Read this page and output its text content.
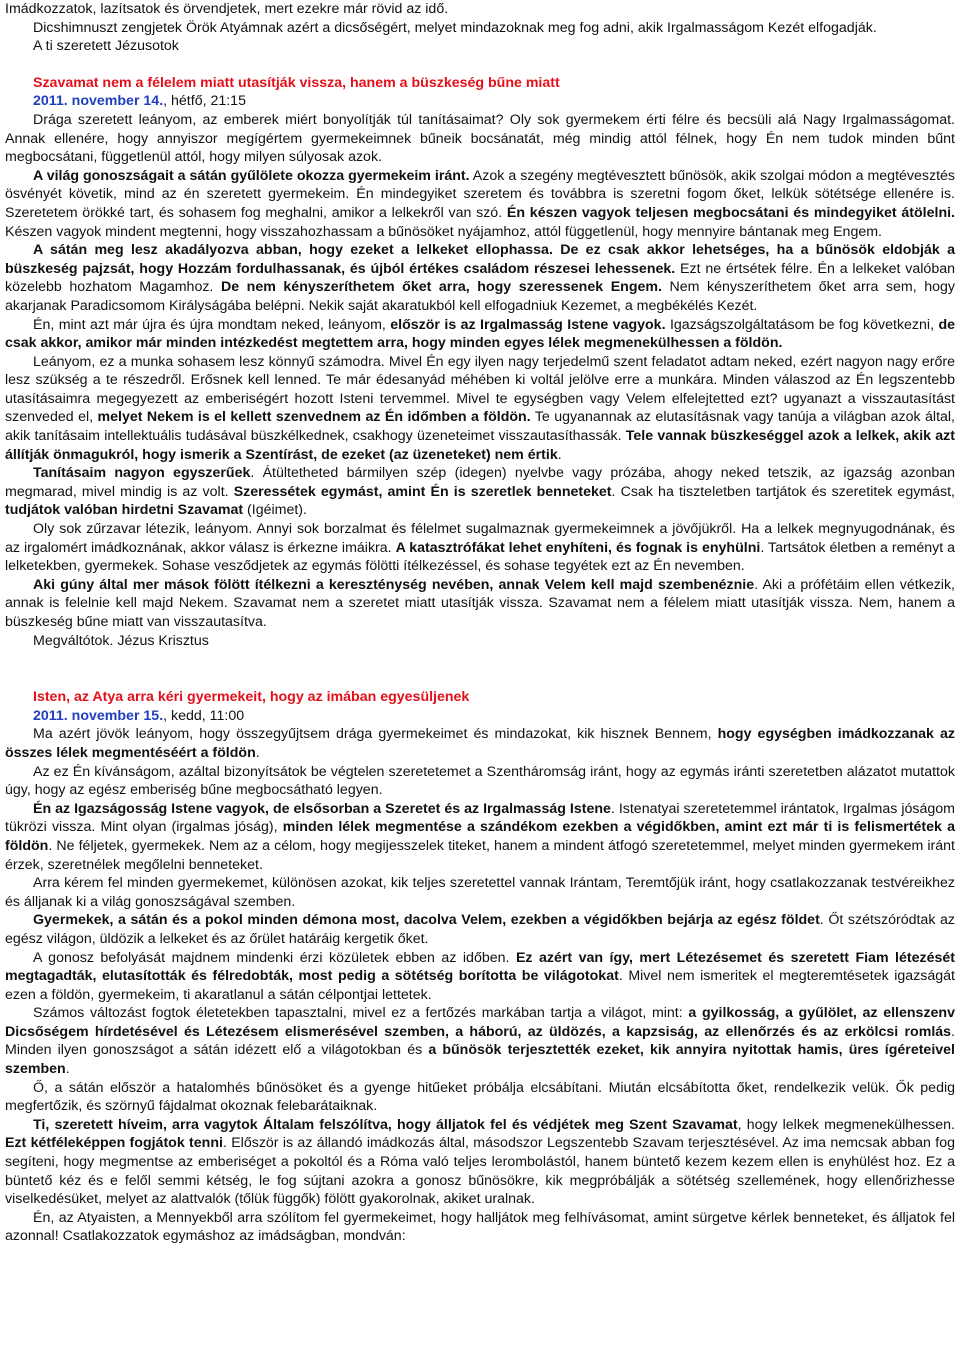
Imádkozzatok, lazítsatok és örvendjetek, mert ezekre már rövid az idő.

Dicshimnuszt zengjetek Örök Atyámnak azért a dicsőségért, melyet mindazoknak meg fog adni, akik Irgalmasságom Kezét elfogadják.

A ti szeretett Jézusotok

Szavamat nem a félelem miatt utasítják vissza, hanem a büszkeség bűne miatt

2011. november 14., hétfő, 21:15

Drága szeretett leányom, az emberek miért bonyolítják túl tanításaimat? Oly sok gyermekem érti félre és becsüli alá Nagy Irgalmasságomat. Annak ellenére, hogy annyiszor megígértem gyermekeimnek bűneik bocsánatát, még mindig attól félnek, hogy Én nem tudok minden bűnt megbocsátani, függetlenül attól, hogy milyen súlyosak azok.

A világ gonoszságait a sátán gyűlölete okozza gyermekeim iránt. Azok a szegény megtévesztett bűnösök, akik szolgai módon a megtévesztés ösvényét követik, mind az én szeretett gyermekeim. Én mindegyiket szeretem és továbbra is szeretni fogom őket, lelkük sötétsége ellenére is. Szeretetem örökké tart, és sohasem fog meghalni, amikor a lelkekről van szó. Én készen vagyok teljesen megbocsátani és mindegyiket átölelni. Készen vagyok mindent megtenni, hogy visszahozhassam a bűnösöket nyájamhoz, attól függetlenül, hogy mennyire bántanak meg Engem.

A sátán meg lesz akadályozva abban, hogy ezeket a lelkeket ellophassa. De ez csak akkor lehetséges, ha a bűnösök eldobják a büszkeség pajzsát, hogy Hozzám fordulhassanak, és újból értékes családom részesei lehessenek. Ezt ne értsétek félre. Én a lelkeket valóban közelebb hozhatom Magamhoz. De nem kényszeríthetem őket arra, hogy szeressenek Engem. Nem kényszeríthetem őket arra sem, hogy akarjanak Paradicsomom Királyságába belépni. Nekik saját akaratukból kell elfogadniuk Kezemet, a megbékélés Kezét.

Én, mint azt már újra és újra mondtam neked, leányom, először is az Irgalmasság Istene vagyok. Igazságszolgáltatásom be fog következni, de csak akkor, amikor már minden intézkedést megtettem arra, hogy minden egyes lélek megmenekülhessen a földön.

Leányom, ez a munka sohasem lesz könnyű számodra. Mivel Én egy ilyen nagy terjedelmű szent feladatot adtam neked, ezért nagyon nagy erőre lesz szükség a te részedről. Erősnek kell lenned. Te már édesanyád méhében ki voltál jelölve erre a munkára. Minden válaszod az Én legszentebb utasításaimra megegyezett az emberiségért hozott Isteni tervemmel. Mivel te egységben vagy Velem elfelejtetted ezt? ugyanazt a visszautasítást szenveded el, melyet Nekem is el kellett szenvednem az Én időmben a földön. Te ugyanannak az elutasításnak vagy tanúja a világban azok által, akik tanításaim intellektuális tudásával büszkélkednek, csakhogy üzeneteimet visszautasíthassák. Tele vannak büszkeséggel azok a lelkek, akik azt állítják önmagukról, hogy ismerik a Szentírást, de ezeket (az üzeneteket) nem értik.

Tanításaim nagyon egyszerűek. Átültetheted bármilyen szép (idegen) nyelvbe vagy prózába, ahogy neked tetszik, az igazság azonban megmarad, mivel mindig is az volt. Szeressétek egymást, amint Én is szeretlek benneteket. Csak ha tiszteletben tartjátok és szeretitek egymást, tudjátok valóban hirdetni Szavamat (Igéimet).

Oly sok zűrzavar létezik, leányom. Annyi sok borzalmat és félelmet sugalmaznak gyermekeimnek a jövőjükről. Ha a lelkek megnyugodnának, és az irgalomért imádkoznának, akkor válasz is érkezne imáikra. A katasztrófákat lehet enyhíteni, és fognak is enyhülni. Tartsátok életben a reményt a lelketekben, gyermekek. Sohase vesződjetek az egymás fölötti ítélkezéssel, és sohase tegyétek ezt az Én nevemben.

Aki gúny által mer mások fölött ítélkezni a kereszténység nevében, annak Velem kell majd szembenéznie. Aki a prófétáim ellen vétkezik, annak is felelnie kell majd Nekem. Szavamat nem a szeretet miatt utasítják vissza. Szavamat nem a félelem miatt utasítják vissza. Nem, hanem a büszkeség bűne miatt van visszautasítva.

Megváltótok. Jézus Krisztus

Isten, az Atya arra kéri gyermekeit, hogy az imában egyesüljenek

2011. november 15., kedd, 11:00

Ma azért jövök leányom, hogy összegyűjtsem drága gyermekeimet és mindazokat, kik hisznek Bennem, hogy egységben imádkozzanak az összes lélek megmentéséért a földön.

Az ez Én kívánságom, azáltal bizonyítsátok be végtelen szeretetemet a Szentháromság iránt, hogy az egymás iránti szeretetben alázatot mutattok úgy, hogy az egész emberiség bűne megbocsátható legyen.

Én az Igazságosság Istene vagyok, de elsősorban a Szeretet és az Irgalmasság Istene. Istenatyai szeretetemmel irántatok, Irgalmas jóságom tükrözi vissza. Mint olyan (irgalmas jóság), minden lélek megmentése a szándékom ezekben a végidőkben, amint ezt már ti is felismertétek a földön. Ne féljetek, gyermekek. Nem az a célom, hogy megijesszelek titeket, hanem a mindent átfogó szeretetemmel, melyet minden gyermekem iránt érzek, szeretnélek megőlelni benneteket.

Arra kérem fel minden gyermekemet, különösen azokat, kik teljes szeretettel vannak Irántam, Teremtőjük iránt, hogy csatlakozzanak testvéreikhez és álljanak ki a világ gonoszságával szemben.

Gyermekek, a sátán és a pokol minden démona most, dacolva Velem, ezekben a végidőkben bejárja az egész földet. Őt szétszóródtak az egész világon, üldözik a lelkeket és az őrület határáig kergetik őket.

A gonosz befolyását majdnem mindenki érzi közületek ebben az időben. Ez azért van így, mert Létezésemet és szeretett Fiam létezését megtagadták, elutasították és félredobták, most pedig a sötétség borította be világotokat. Mivel nem ismeritek el megteremtésetek igazságát ezen a földön, gyermekeim, ti akaratlanul a sátán célpontjai lettetek.

Számos változást fogtok életetekben tapasztalni, mivel ez a fertőzés markában tartja a világot, mint: a gyilkosság, a gyűlölet, az ellenszenv Dicsőségem hírdetésével és Létezésem elismerésével szemben, a háború, az üldözés, a kapzsiság, az ellenőrzés és az erkölcsi romlás. Minden ilyen gonoszságot a sátán idézett elő a világotokban és a bűnösök terjesztették ezeket, kik annyira nyitottak hamis, üres ígéreteivel szemben.

Ő, a sátán először a hatalomhés bűnösöket és a gyenge hitűeket próbálja elcsábítani. Miután elcsábította őket, rendelkezik velük. Ők pedig megfertőzik, és szörnyű fájdalmat okoznak felebarátaiknak.

Ti, szeretett híveim, arra vagytok Általam felszólítva, hogy álljatok fel és védjétek meg Szent Szavamat, hogy lelkek megmenekülhessen. Ezt kétféleképpen fogjátok tenni. Először is az állandó imádkozás által, másodszor Legszentebb Szavam terjesztésével. Az ima nemcsak abban fog segíteni, hogy megmentse az emberiséget a pokoltól és a Róma való teljes lerombolástól, hanem büntető kezem kezem ellen is enyhülést hoz. Ez a büntető kéz és e felől semmi kétség, le fog sújtani azokra a gonosz bűnösökre, kik megpróbálják a sötétség szellemének, hogy ellenőrizhesse viselkedésüket, melyet az alattvalók (tőlük függők) fölött gyakorolnak, akiket uralnak.

Én, az Atyaisten, a Mennyekből arra szólítom fel gyermekeimet, hogy halljátok meg felhívásomat, amint sürgetve kérlek benneteket, és álljatok fel azonnal! Csatlakozzatok egymáshoz az imádságban, mondván:
